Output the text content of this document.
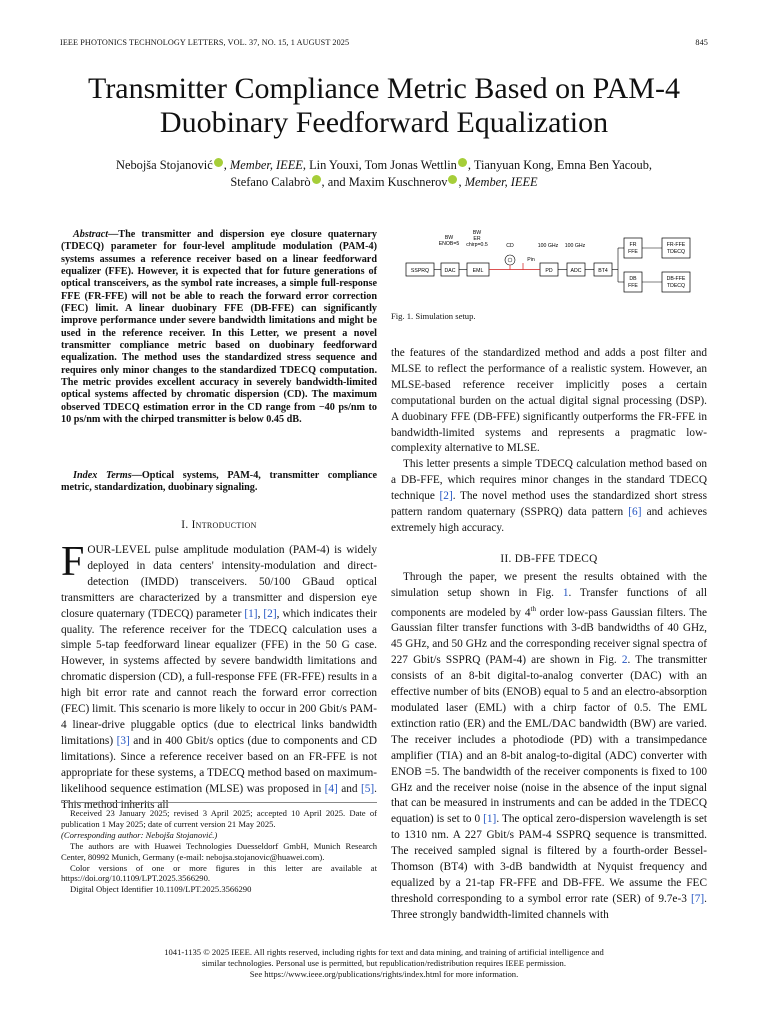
IEEE PHOTONICS TECHNOLOGY LETTERS, VOL. 37, NO. 15, 1 AUGUST 2025	845
Transmitter Compliance Metric Based on PAM-4
Duobinary Feedforward Equalization
Nebojša Stojanović , Member, IEEE, Lin Youxi, Tom Jonas Wettlin , Tianyuan Kong, Emna Ben Yacoub,
Stefano Calabrò , and Maxim Kuschnerov , Member, IEEE

Abstract—The transmitter and dispersion eye closure quaternary (TDECQ) parameter for four-level amplitude modulation (PAM-4) systems assumes a reference receiver based on a linear feedforward equalizer (FFE). However, it is expected that for future generations of optical transceivers, as the symbol rate increases, a simple full-response FFE (FR-FFE) will not be able to reach the forward error correction (FEC) limit. A linear duobinary FFE (DB-FFE) can significantly improve performance under severe bandwidth limitations and might be used in the reference receiver. In this Letter, we present a novel transmitter compliance metric based on duobinary feedforward equalization. The method uses the standardized stress sequence and requires only minor changes to the standardized TDECQ computation. The metric provides excellent accuracy in severely bandwidth-limited optical systems affected by chromatic dispersion (CD). The maximum observed TDECQ estimation error in the CD range from −40 ps/nm to 10 ps/nm with the chirped transmitter is below 0.45 dB.

Index Terms—Optical systems, PAM-4, transmitter compliance metric, standardization, duobinary signaling.

I. Introduction

FOUR-LEVEL pulse amplitude modulation (PAM-4) is widely deployed in data centers' intensity-modulation and direct-detection (IMDD) transceivers. 50/100 GBaud optical transmitters are characterized by a transmitter and dispersion eye closure quaternary (TDECQ) parameter [1], [2], which indicates their quality. The reference receiver for the TDECQ calculation uses a simple 5-tap feedforward linear equalizer (FFE) in the 50 G case. However, in systems affected by severe bandwidth limitations and chromatic dispersion (CD), a full-response FFE (FR-FFE) results in a high bit error rate and cannot reach the forward error correction (FEC) limit. This scenario is more likely to occur in 200 Gbit/s PAM-4 linear-drive pluggable optics (due to electrical links bandwidth limitations) [3] and in 400 Gbit/s optics (due to components and CD limitations). Since a reference receiver based on an FR-FFE is not appropriate for these systems, a TDECQ method based on maximum-likelihood sequence estimation (MLSE) was proposed in [4] and [5]. This method inherits all

Received 23 January 2025; revised 3 April 2025; accepted 10 April 2025. Date of publication 1 May 2025; date of current version 21 May 2025.

(Corresponding author: Nebojša Stojanović.)

The authors are with Huawei Technologies Duesseldorf GmbH, Munich Research Center, 80992 Munich, Germany (e-mail: nebojsa.stojanovic@huawei.com).

Color versions of one or more figures in this letter are available at https://doi.org/10.1109/LPT.2025.3566290.

Digital Object Identifier 10.1109/LPT.2025.3566290

BW
ENOB=5
BW
ER
chirp=0.5	CD	100 GHz 100 GHz
Pin
SSPRQ	DAC	EML	PD	ADC	BT4
FR
FFE
DB
FFE
FR-FFE
TDECQ
DB-FFE
TDECQ
Fig. 1. Simulation setup.

the features of the standardized method and adds a post filter and MLSE to reflect the performance of a realistic system. However, an MLSE-based reference receiver implicitly poses a certain computational burden on the actual digital signal processing (DSP). A duobinary FFE (DB-FFE) significantly outperforms the FR-FFE in bandwidth-limited systems and represents a pragmatic low-complexity alternative to MLSE.

This letter presents a simple TDECQ calculation method based on a DB-FFE, which requires minor changes in the standard TDECQ technique [2]. The novel method uses the standardized short stress pattern random quaternary (SSPRQ) data pattern [6] and achieves extremely high accuracy.

II. DB-FFE TDECQ

Through the paper, we present the results obtained with the simulation setup shown in Fig. 1. Transfer functions of all components are modeled by 4th order low-pass Gaussian filters. The Gaussian filter transfer functions with 3-dB bandwidths of 40 GHz, 45 GHz, and 50 GHz and the corresponding receiver signal spectra of 227 Gbit/s SSPRQ (PAM-4) are shown in Fig. 2. The transmitter consists of an 8-bit digital-to-analog converter (DAC) with an effective number of bits (ENOB) equal to 5 and an electro-absorption modulated laser (EML) with a chirp factor of 0.5. The EML extinction ratio (ER) and the EML/DAC bandwidth (BW) are varied. The receiver includes a photodiode (PD) with a transimpedance amplifier (TIA) and an 8-bit analog-to-digital (ADC) converter with ENOB =5. The bandwidth of the receiver components is fixed to 100 GHz and the receiver noise (noise in the absence of the input signal that can be measured in instruments and can be added in the TDECQ equation) is set to 0 [1]. The optical zero-dispersion wavelength is set to 1310 nm. A 227 Gbit/s PAM-4 SSPRQ sequence is transmitted. The received sampled signal is filtered by a fourth-order Bessel-Thomson (BT4) with 3-dB bandwidth at Nyquist frequency and equalized by a 21-tap FR-FFE and DB-FFE. We assume the FEC threshold corresponding to a symbol error rate (SER) of 9.7e-3 [7]. Three strongly bandwidth-limited channels with

1041-1135 © 2025 IEEE. All rights reserved, including rights for text and data mining, and training of artificial intelligence and
similar technologies. Personal use is permitted, but republication/redistribution requires IEEE permission.
See https://www.ieee.org/publications/rights/index.html for more information.
